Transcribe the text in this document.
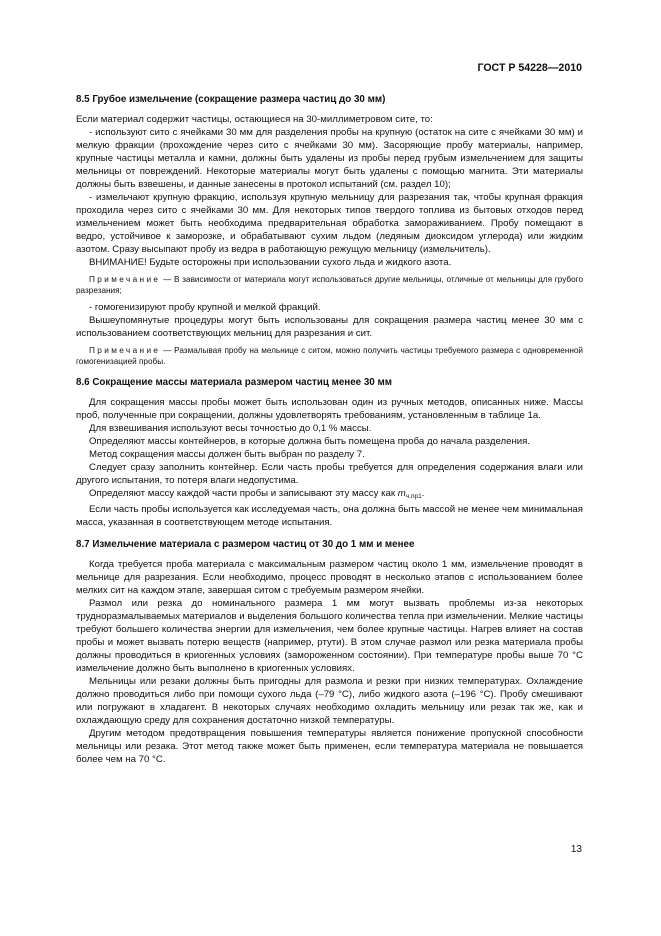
ГОСТ Р 54228—2010
8.5 Грубое измельчение (сокращение размера частиц до 30 мм)

Если материал содержит частицы, остающиеся на 30-миллиметровом сите, то:

- используют сито с ячейками 30 мм для разделения пробы на крупную (остаток на сите с ячейками 30 мм) и мелкую фракции (прохождение через сито с ячейками 30 мм). Засоряющие пробу материалы, например, крупные частицы металла и камни, должны быть удалены из пробы перед грубым измельчением для защиты мельницы от повреждений. Некоторые материалы могут быть удалены с помощью магнита. Эти материалы должны быть взвешены, и данные занесены в протокол испытаний (см. раздел 10);

- измельчают крупную фракцию, используя крупную мельницу для разрезания так, чтобы крупная фракция проходила через сито с ячейками 30 мм. Для некоторых типов твердого топлива из бытовых отходов перед измельчением может быть необходима предварительная обработка замораживанием. Пробу помещают в ведро, устойчивое к заморозке, и обрабатывают сухим льдом (ледяным диоксидом углерода) или жидким азотом. Сразу высыпают пробу из ведра в работающую режущую мельницу (измельчитель).

ВНИМАНИЕ! Будьте осторожны при использовании сухого льда и жидкого азота.

Примечание — В зависимости от материала могут использоваться другие мельницы, отличные от мельницы для грубого разрезания;

- гомогенизируют пробу крупной и мелкой фракций.

Вышеупомянутые процедуры могут быть использованы для сокращения размера частиц менее 30 мм с использованием соответствующих мельниц для разрезания и сит.

Примечание — Размалывая пробу на мельнице с ситом, можно получить частицы требуемого размера с одновременной гомогенизацией пробы.

8.6 Сокращение массы материала размером частиц менее 30 мм

Для сокращения массы пробы может быть использован один из ручных методов, описанных ниже. Массы проб, полученные при сокращении, должны удовлетворять требованиям, установленным в таблице 1а.

Для взвешивания используют весы точностью до 0,1 % массы.

Определяют массы контейнеров, в которые должна быть помещена проба до начала разделения.

Метод сокращения массы должен быть выбран по разделу 7.

Следует сразу заполнить контейнер. Если часть пробы требуется для определения содержания влаги или другого испытания, то потеря влаги недопустима.

Определяют массу каждой части пробы и записывают эту массу как $m_{ч.пр1}$.

Если часть пробы используется как исследуемая часть, она должна быть массой не менее чем минимальная масса, указанная в соответствующем методе испытания.

8.7 Измельчение материала с размером частиц от 30 до 1 мм и менее

Когда требуется проба материала с максимальным размером частиц около 1 мм, измельчение проводят в мельнице для разрезания. Если необходимо, процесс проводят в несколько этапов с использованием более мелких сит на каждом этапе, завершая ситом с требуемым размером ячейки.

Размол или резка до номинального размера 1 мм могут вызвать проблемы из-за некоторых трудноразмалываемых материалов и выделения большого количества тепла при измельчении. Мелкие частицы требуют большего количества энергии для измельчения, чем более крупные частицы. Нагрев влияет на состав пробы и может вызвать потерю веществ (например, ртути). В этом случае размол или резка материала пробы должны проводиться в криогенных условиях (замороженном состоянии). При температуре пробы выше 70 °С измельчение должно быть выполнено в криогенных условиях.

Мельницы или резаки должны быть пригодны для размола и резки при низких температурах. Охлаждение должно проводиться либо при помощи сухого льда (–79 °С), либо жидкого азота (–196 °С). Пробу смешивают или погружают в хладагент. В некоторых случаях необходимо охладить мельницу или резак так же, как и охлаждающую среду для сохранения достаточно низкой температуры.

Другим методом предотвращения повышения температуры является понижение пропускной способности мельницы или резака. Этот метод также может быть применен, если температура материала не повышается более чем на 70 °С.

13
